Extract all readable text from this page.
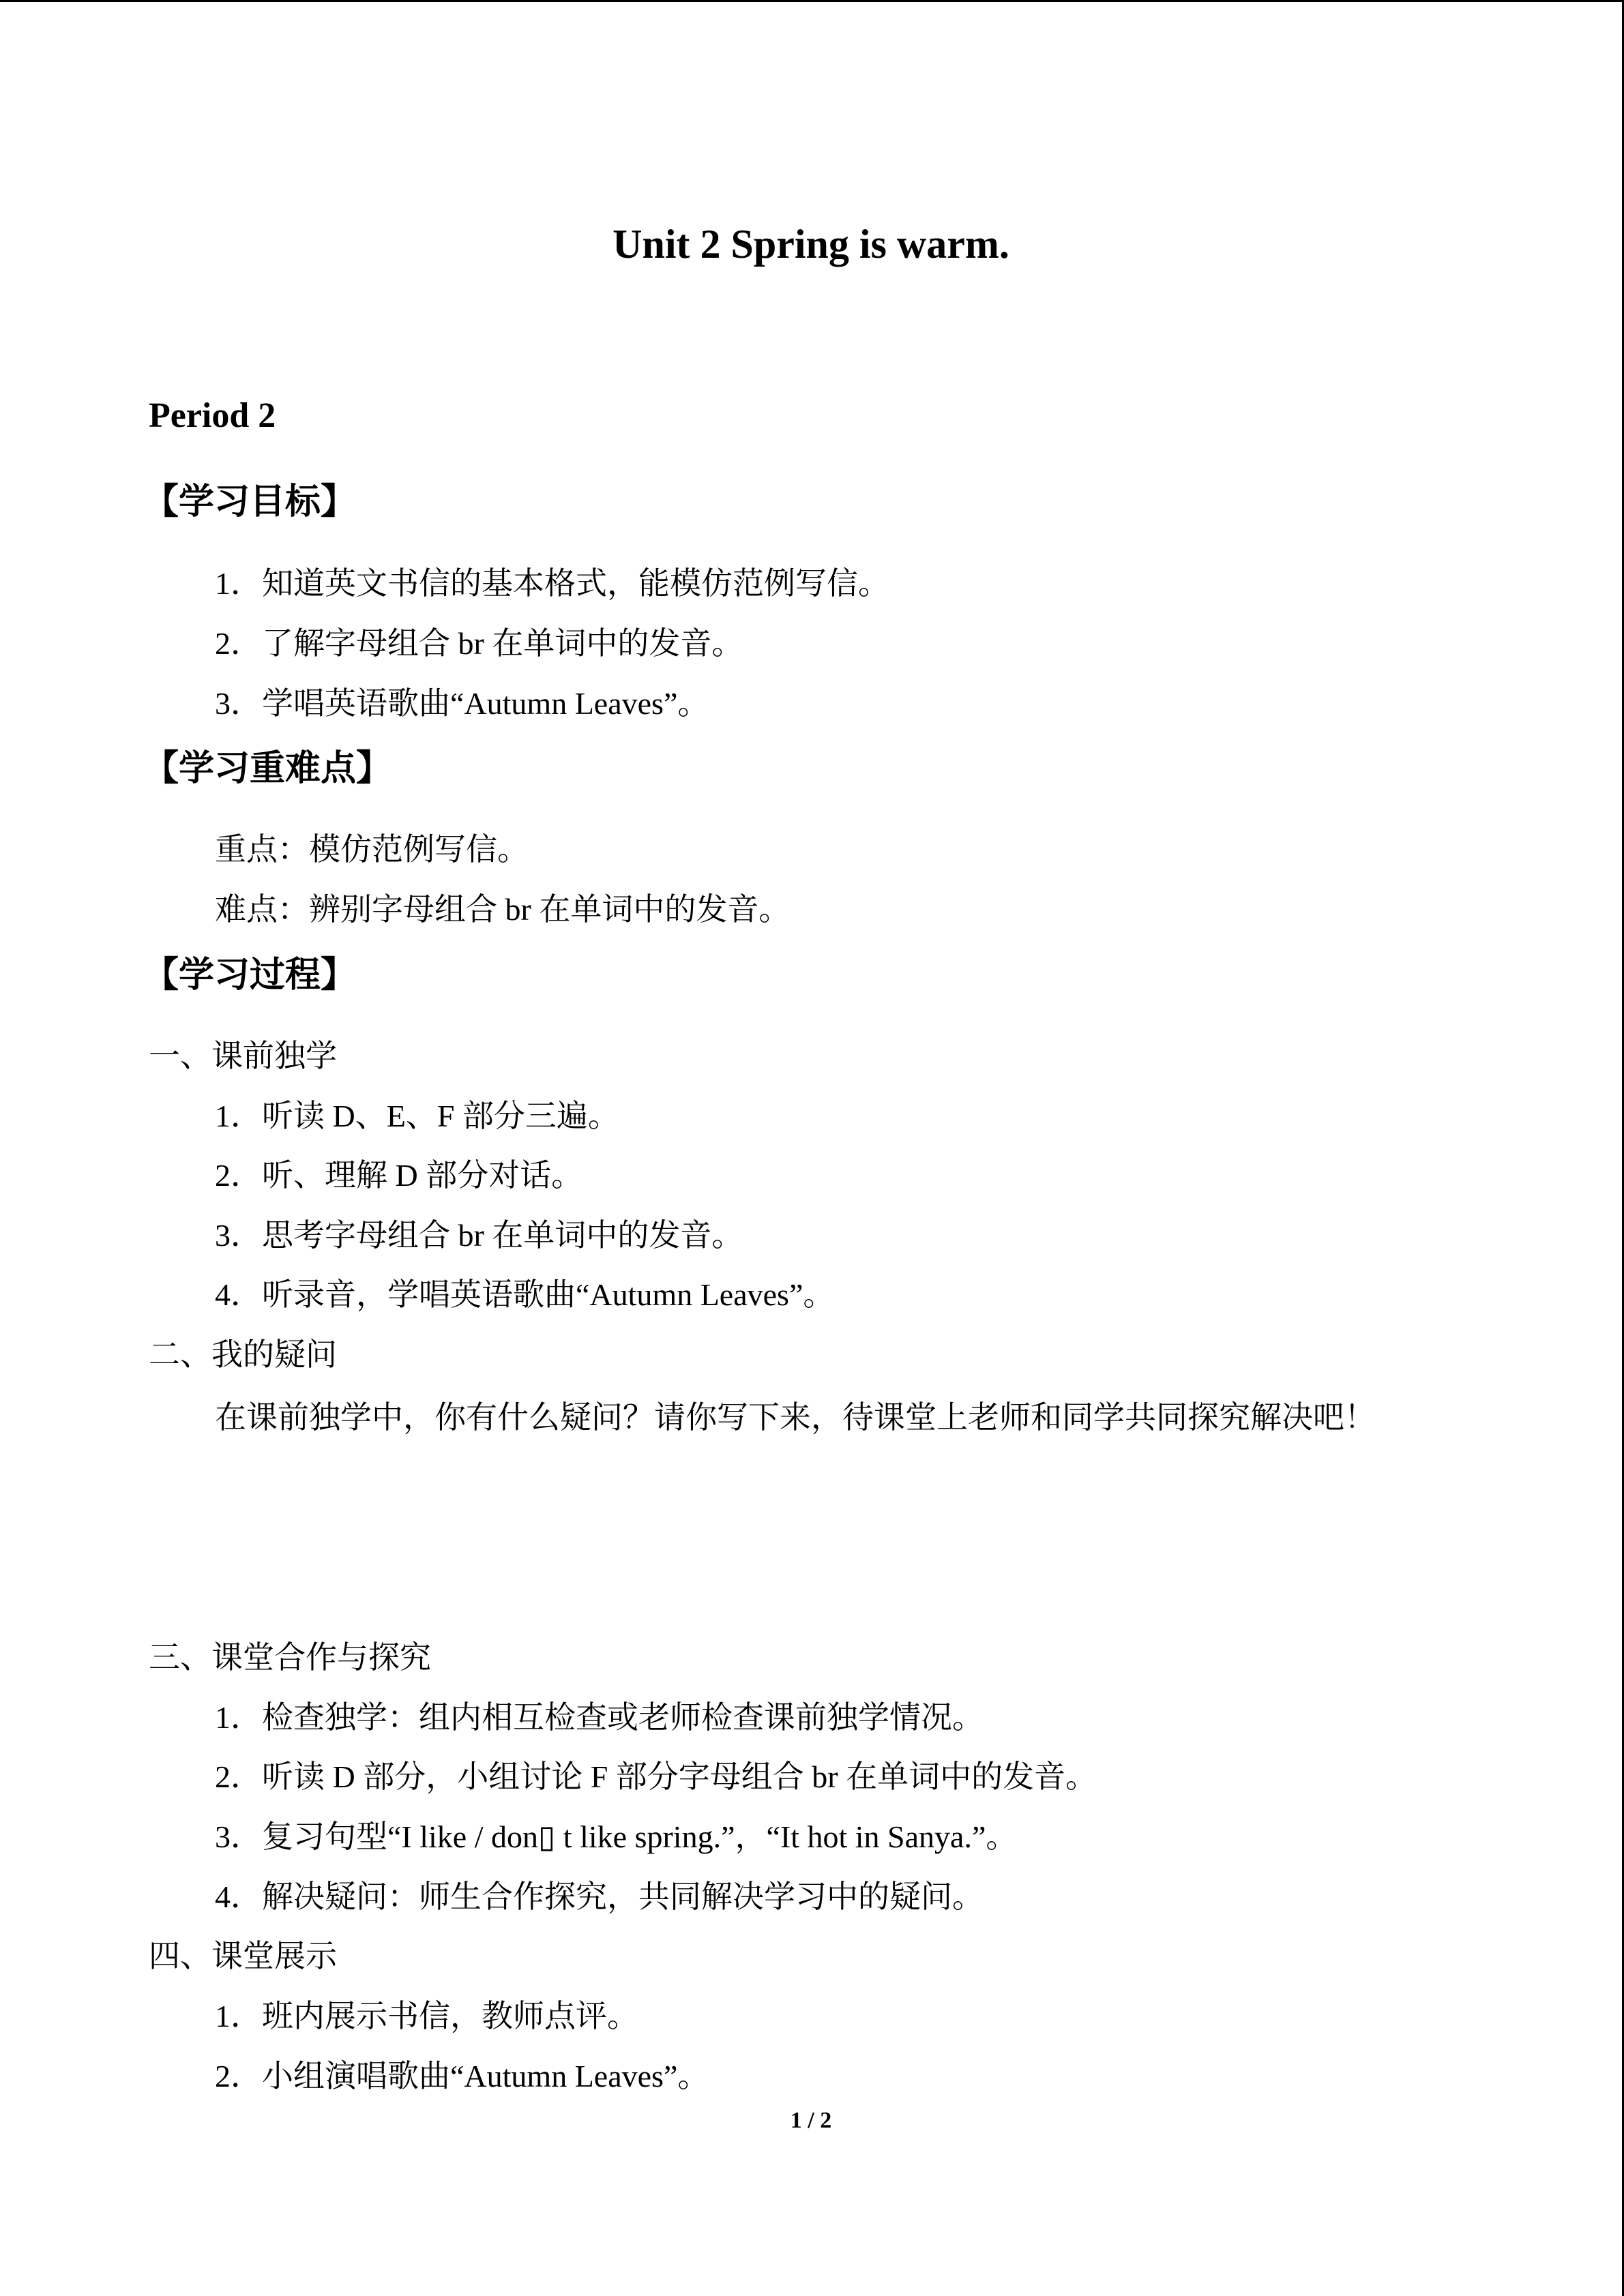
Unit 2 Spring is warm.
Period 2
【学习目标】
1．知道英文书信的基本格式，能模仿范例写信。
2．了解字母组合 br 在单词中的发音。
3．学唱英语歌曲“Autumn Leaves”。
【学习重难点】
重点：模仿范例写信。
难点：辨别字母组合 br 在单词中的发音。
【学习过程】
一、课前独学
1．听读 D、E、F 部分三遍。
2．听、理解 D 部分对话。
3．思考字母组合 br 在单词中的发音。
4．听录音，学唱英语歌曲“Autumn Leaves”。
二、我的疑问
在课前独学中，你有什么疑问？请你写下来，待课堂上老师和同学共同探究解决吧！
三、课堂合作与探究
1．检查独学：组内相互检查或老师检查课前独学情况。
2．听读 D 部分，小组讨论 F 部分字母组合 br 在单词中的发音。
3．复习句型“I like / don▯ t like spring.”，“It hot in Sanya.”。
4．解决疑问：师生合作探究，共同解决学习中的疑问。
四、课堂展示
1．班内展示书信，教师点评。
2．小组演唱歌曲“Autumn Leaves”。
1 / 2
